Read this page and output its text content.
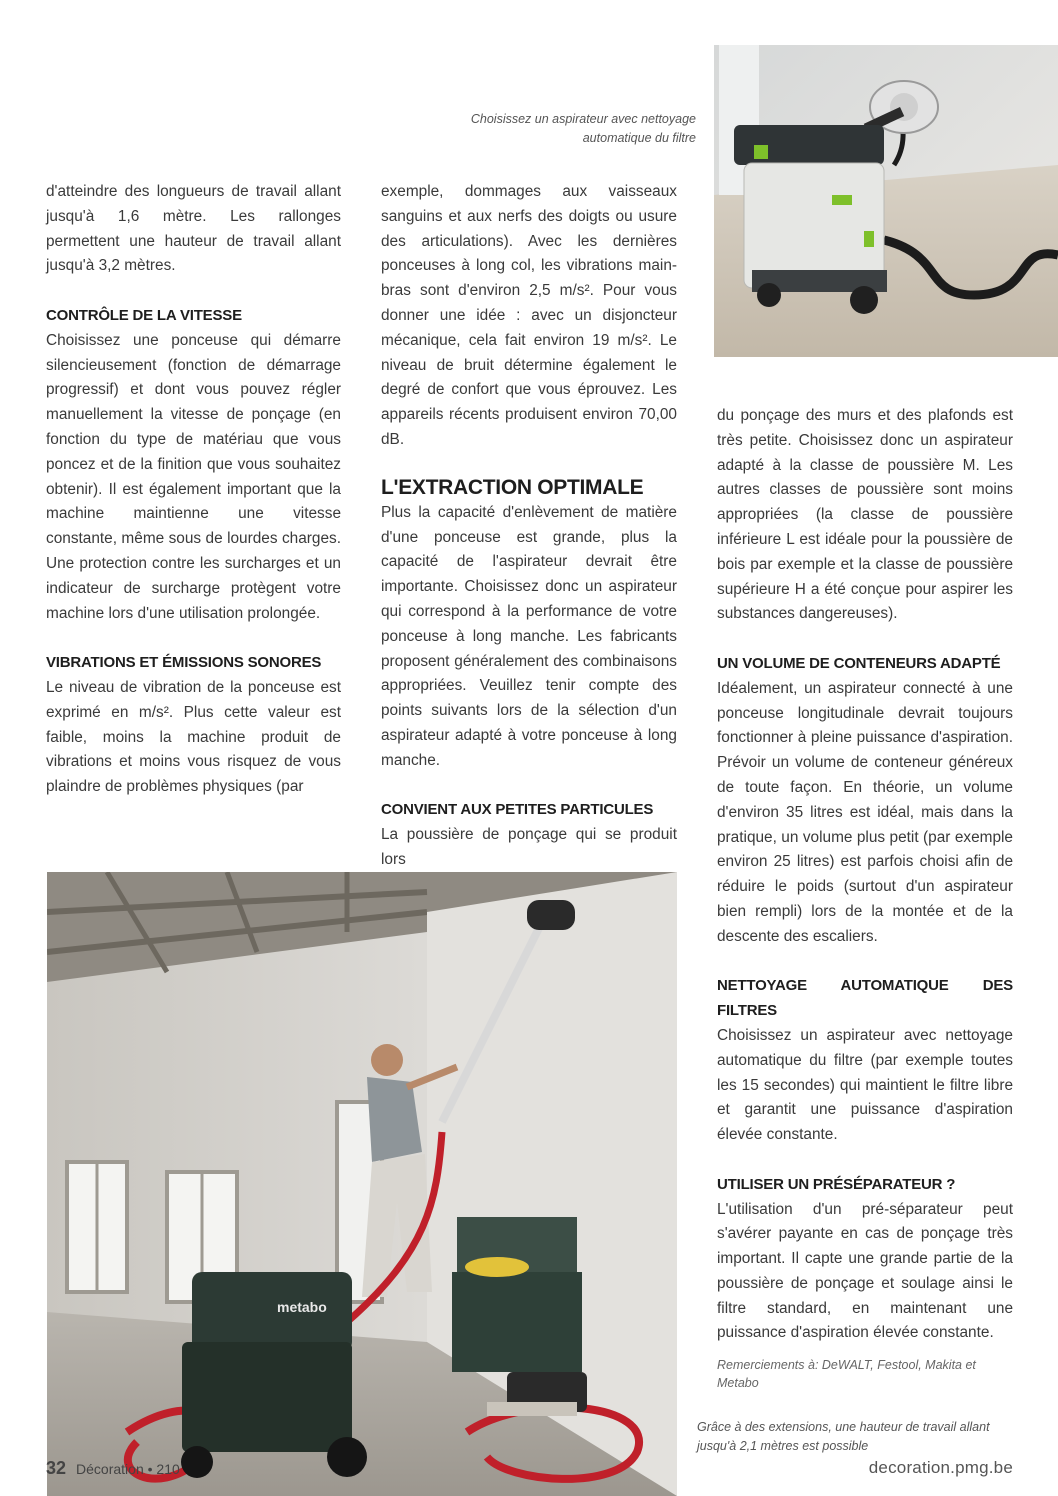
Choisissez un aspirateur avec nettoyage automatique du filtre

d'atteindre des longueurs de travail allant jusqu'à 1,6 mètre. Les rallonges permettent une hauteur de travail allant jusqu'à 3,2 mètres.

CONTRÔLE DE LA VITESSE

Choisissez une ponceuse qui démarre silencieusement (fonction de démarrage progressif) et dont vous pouvez régler manuellement la vitesse de ponçage (en fonction du type de matériau que vous poncez et de la finition que vous souhaitez obtenir). Il est également important que la machine maintienne une vitesse constante, même sous de lourdes charges. Une protection contre les surcharges et un indicateur de surcharge protègent votre machine lors d'une utilisation prolongée.

VIBRATIONS ET ÉMISSIONS SONORES

Le niveau de vibration de la ponceuse est exprimé en m/s². Plus cette valeur est faible, moins la machine produit de vibrations et moins vous risquez de vous plaindre de problèmes physiques (par

exemple, dommages aux vaisseaux sanguins et aux nerfs des doigts ou usure des articulations). Avec les dernières ponceuses à long col, les vibrations main-bras sont d'environ 2,5 m/s². Pour vous donner une idée : avec un disjoncteur mécanique, cela fait environ 19 m/s². Le niveau de bruit détermine également le degré de confort que vous éprouvez. Les appareils récents produisent environ 70,00 dB.

L'EXTRACTION OPTIMALE

Plus la capacité d'enlèvement de matière d'une ponceuse est grande, plus la capacité de l'aspirateur devrait être importante. Choisissez donc un aspirateur qui correspond à la performance de votre ponceuse à long manche. Les fabricants proposent généralement des combinaisons appropriées. Veuillez tenir compte des points suivants lors de la sélection d'un aspirateur adapté à votre ponceuse à long manche.

CONVIENT AUX PETITES PARTICULES

La poussière de ponçage qui se produit lors

du ponçage des murs et des plafonds est très petite. Choisissez donc un aspirateur adapté à la classe de poussière M. Les autres classes de poussière sont moins appropriées (la classe de poussière inférieure L est idéale pour la poussière de bois par exemple et la classe de poussière supérieure H a été conçue pour aspirer les substances dangereuses).

UN VOLUME DE CONTENEURS ADAPTÉ

Idéalement, un aspirateur connecté à une ponceuse longitudinale devrait toujours fonctionner à pleine puissance d'aspiration. Prévoir un volume de conteneur généreux de toute façon. En théorie, un volume d'environ 35 litres est idéal, mais dans la pratique, un volume plus petit (par exemple environ 25 litres) est parfois choisi afin de réduire le poids (surtout d'un aspirateur bien rempli) lors de la montée et de la descente des escaliers.

NETTOYAGE AUTOMATIQUE DES FILTRES

Choisissez un aspirateur avec nettoyage automatique du filtre (par exemple toutes les 15 secondes) qui maintient le filtre libre et garantit une puissance d'aspiration élevée constante.

UTILISER UN PRÉSÉPARATEUR ?

L'utilisation d'un pré-séparateur peut s'avérer payante en cas de ponçage très important. Il capte une grande partie de la poussière de ponçage et soulage ainsi le filtre standard, en maintenant une puissance d'aspiration élevée constante.

Remerciements à: DeWALT, Festool, Makita et Metabo
metabo
Grâce à des extensions, une hauteur de travail allant jusqu'à 2,1 mètres est possible
32 Décoration • 210	decoration.pmg.be
